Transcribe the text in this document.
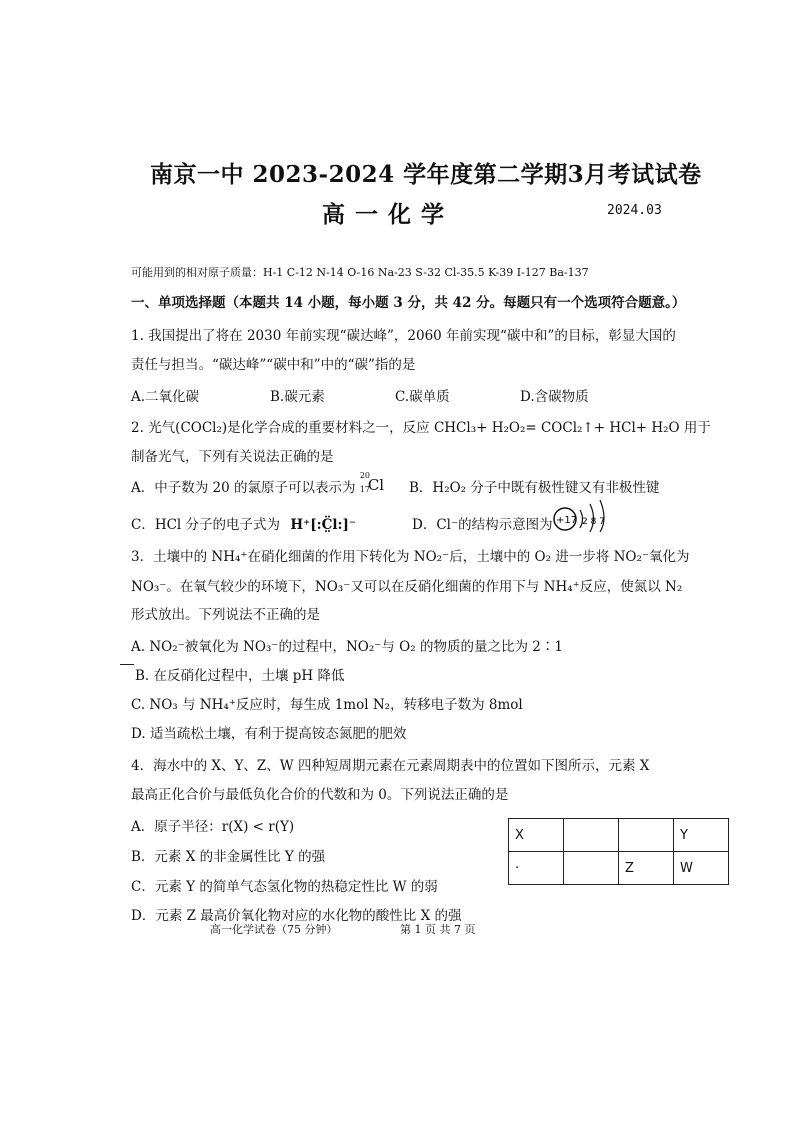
南京一中 2023-2024 学年度第二学期3月考试试卷
高一化学	2024.03
可能用到的相对原子质量：H-1 C-12 N-14 O-16 Na-23 S-32 Cl-35.5 K-39 I-127 Ba-137
一、单项选择题（本题共 14 小题，每小题 3 分，共 42 分。每题只有一个选项符合题意。）
1. 我国提出了将在 2030 年前实现“碳达峰”，2060 年前实现“碳中和”的目标，彰显大国的
责任与担当。“碳达峰”“碳中和”中的“碳”指的是
A.二氧化碳	B.碳元素	C.碳单质	D.含碳物质
2. 光气(COCl₂)是化学合成的重要材料之一，反应 CHCl₃+ H₂O₂= COCl₂↑+ HCl+ H₂O 用于
制备光气，下列有关说法正确的是
A．中子数为 20 的氯原子可以表示为
20
17
Cl B．H₂O₂ 分子中既有极性键又有非极性键
C．HCl 分子的电子式为 H⁺[:C̤̈l:]⁻	D．Cl⁻的结构示意图为 +17 2 8 7
3．土壤中的 NH₄⁺在硝化细菌的作用下转化为 NO₂⁻后，土壤中的 O₂ 进一步将 NO₂⁻氧化为
NO₃⁻。在氧气较少的环境下，NO₃⁻又可以在反硝化细菌的作用下与 NH₄⁺反应，使氮以 N₂
形式放出。下列说法不正确的是
A. NO₂⁻被氧化为 NO₃⁻的过程中，NO₂⁻与 O₂ 的物质的量之比为 2∶1
B. 在反硝化过程中，土壤 pH 降低
C. NO₃ 与 NH₄⁺反应时，每生成 1mol N₂，转移电子数为 8mol
D. 适当疏松土壤，有利于提高铵态氮肥的肥效
4．海水中的 X、Y、Z、W 四种短周期元素在元素周期表中的位置如下图所示，元素 X
最高正化合价与最低负化合价的代数和为 0。下列说法正确的是
A．原子半径：r(X) < r(Y)
B．元素 X 的非金属性比 Y 的强
C．元素 Y 的简单气态氢化物的热稳定性比 W 的弱
D．元素 Z 最高价氧化物对应的水化物的酸性比 X 的强
X			Y
·		Z	W
高一化学试卷（75 分钟）	第 1 页 共 7 页
